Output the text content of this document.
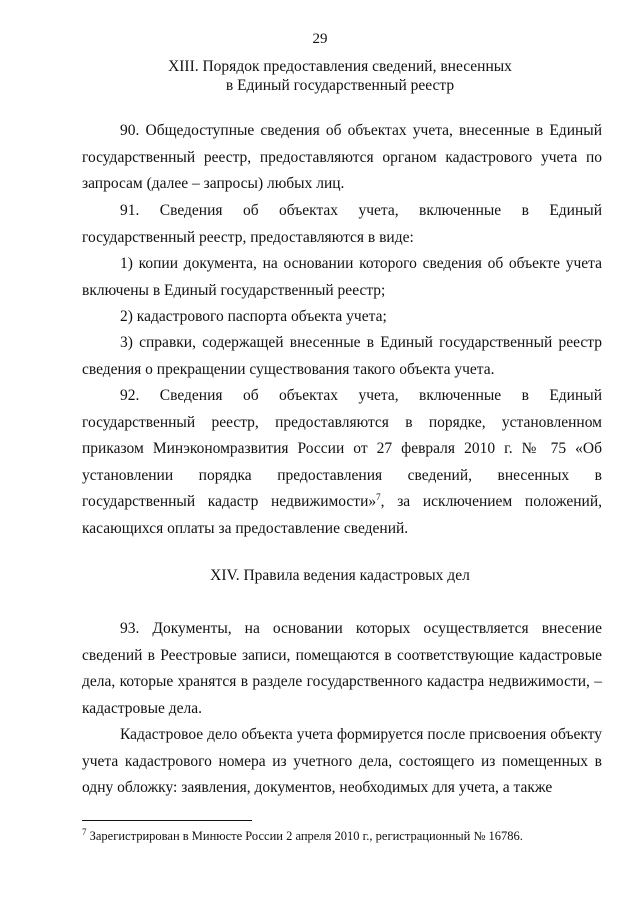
29
XIII. Порядок предоставления сведений, внесенных
в Единый государственный реестр
90. Общедоступные сведения об объектах учета, внесенные в Единый государственный реестр, предоставляются органом кадастрового учета по запросам (далее – запросы) любых лиц.
91. Сведения об объектах учета, включенные в Единый государственный реестр, предоставляются в виде:
1) копии документа, на основании которого сведения об объекте учета включены в Единый государственный реестр;
2) кадастрового паспорта объекта учета;
3) справки, содержащей внесенные в Единый государственный реестр сведения о прекращении существования такого объекта учета.
92. Сведения об объектах учета, включенные в Единый государственный реестр, предоставляются в порядке, установленном приказом Минэкономразвития России от 27 февраля 2010 г. № 75 «Об установлении порядка предоставления сведений, внесенных в государственный кадастр недвижимости»$^7$, за исключением положений, касающихся оплаты за предоставление сведений.
XIV. Правила ведения кадастровых дел
93. Документы, на основании которых осуществляется внесение сведений в Реестровые записи, помещаются в соответствующие кадастровые дела, которые хранятся в разделе государственного кадастра недвижимости, – кадастровые дела.
Кадастровое дело объекта учета формируется после присвоения объекту учета кадастрового номера из учетного дела, состоящего из помещенных в одну обложку: заявления, документов, необходимых для учета, а также
$^7$ Зарегистрирован в Минюсте России 2 апреля 2010 г., регистрационный № 16786.
